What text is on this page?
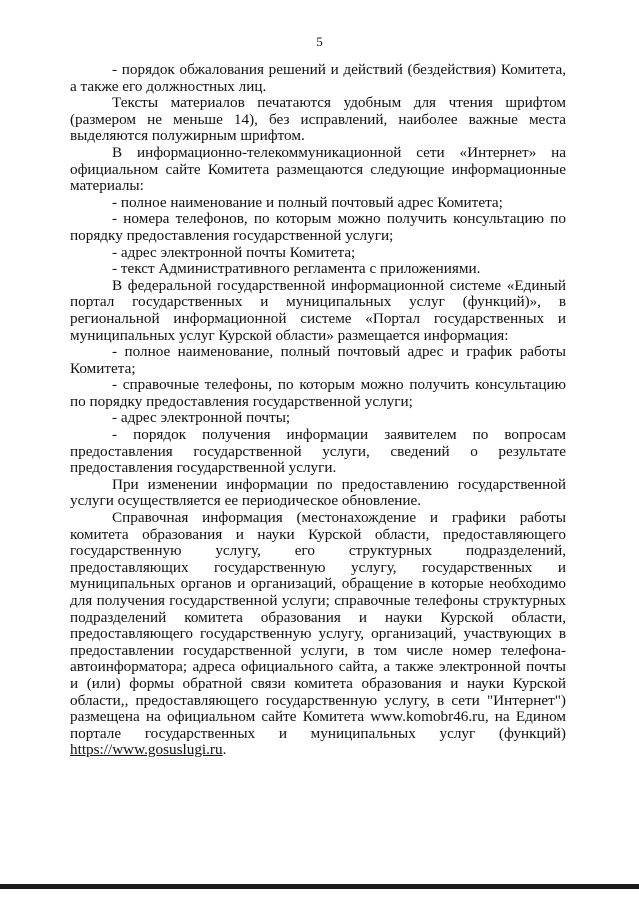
5

- порядок обжалования решений и действий (бездействия) Комитета, а также его должностных лиц.

Тексты материалов печатаются удобным для чтения шрифтом (размером не меньше 14), без исправлений, наиболее важные места выделяются полужирным шрифтом.

В информационно-телекоммуникационной сети «Интернет» на официальном сайте Комитета размещаются следующие информационные материалы:

- полное наименование и полный почтовый адрес Комитета;

- номера телефонов, по которым можно получить консультацию по порядку предоставления государственной услуги;

- адрес электронной почты Комитета;

- текст Административного регламента с приложениями.

В федеральной государственной информационной системе «Единый портал государственных и муниципальных услуг (функций)», в региональной информационной системе «Портал государственных и муниципальных услуг Курской области» размещается информация:

- полное наименование, полный почтовый адрес и график работы Комитета;

- справочные телефоны, по которым можно получить консультацию по порядку предоставления государственной услуги;

- адрес электронной почты;

- порядок получения информации заявителем по вопросам предоставления государственной услуги, сведений о результате предоставления государственной услуги.

При изменении информации по предоставлению государственной услуги осуществляется ее периодическое обновление.

Справочная информация (местонахождение и графики работы комитета образования и науки Курской области, предоставляющего государственную услугу, его структурных подразделений, предоставляющих государственную услугу, государственных и муниципальных органов и организаций, обращение в которые необходимо для получения государственной услуги; справочные телефоны структурных подразделений комитета образования и науки Курской области, предоставляющего государственную услугу, организаций, участвующих в предоставлении государственной услуги, в том числе номер телефона-автоинформатора; адреса официального сайта, а также электронной почты и (или) формы обратной связи комитета образования и науки Курской области,, предоставляющего государственную услугу, в сети "Интернет") размещена на официальном сайте Комитета www.komobr46.ru, на Едином портале государственных и муниципальных услуг (функций) https://www.gosuslugi.ru.
